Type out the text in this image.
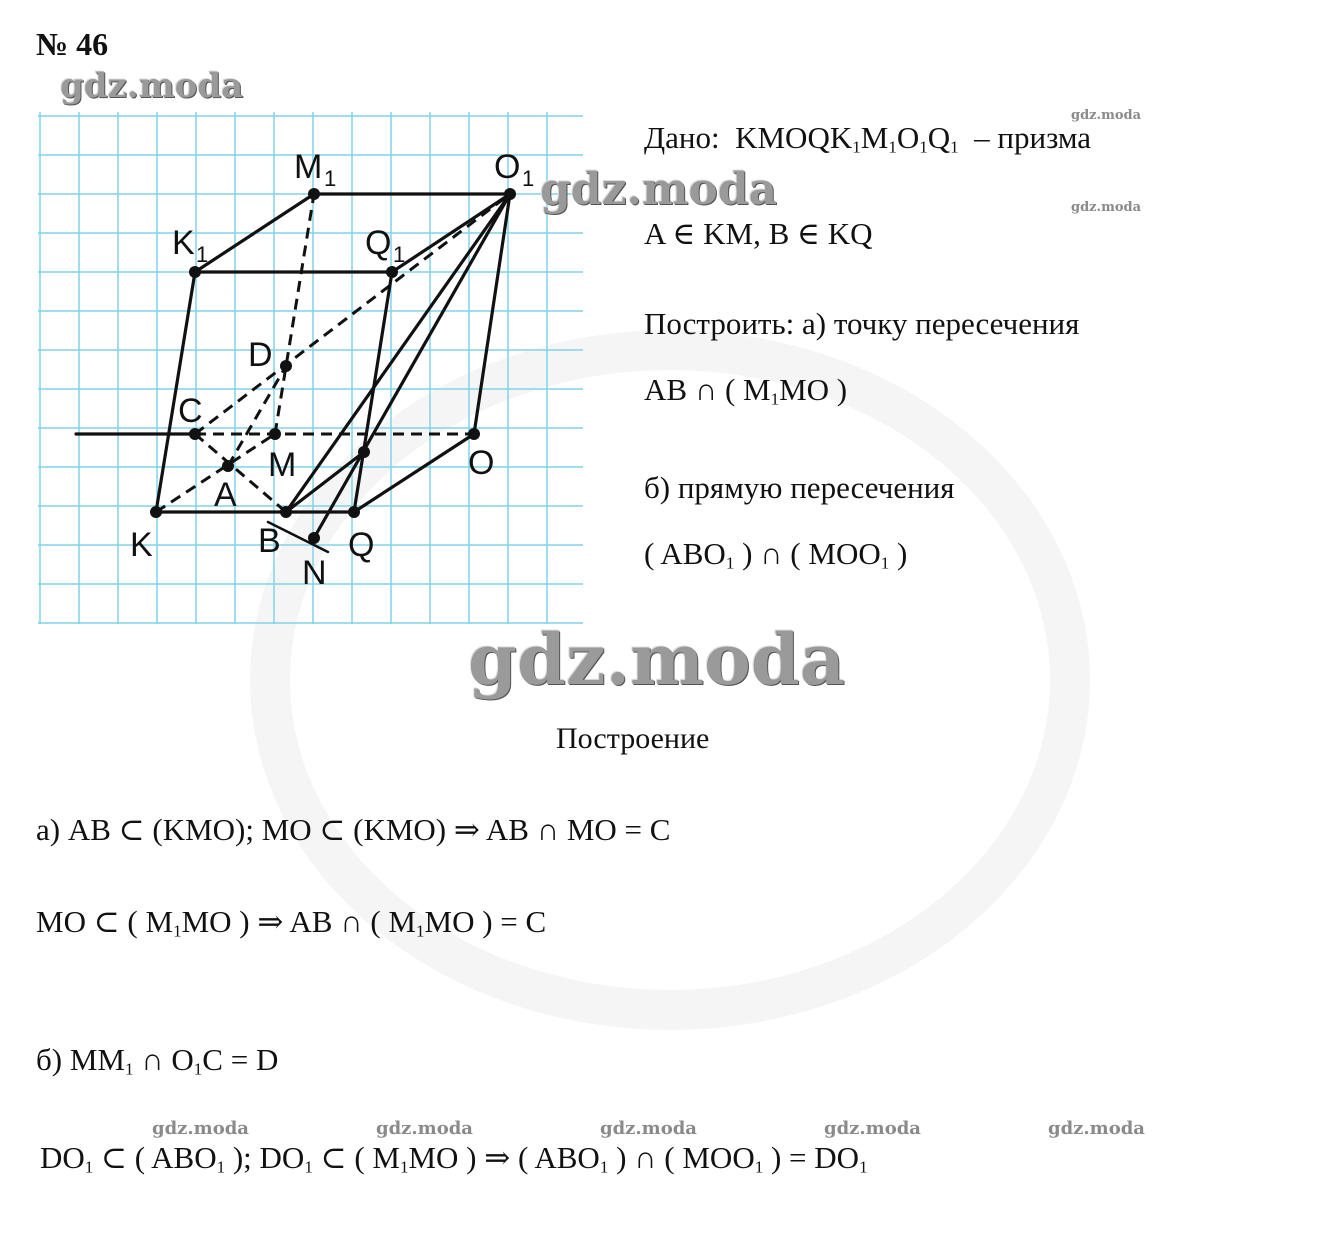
№ 46
gdz.moda
M 1	O 1
K 1	Q 1
D
C
M
A
O
K	B Q
N
gdz.moda
gdz.moda
gdz.moda
Дано: $KMOQK_1M_1O_1Q_1$ – призма
A ∈ KM, B ∈ KQ
Построить: а) точку пересечения
AB ∩ ( $M_1MO$ )
б) прямую пересечения
( $ABO_1$ ) ∩ ( $MOO_1$ )
gdz.moda
Построение
а) AB ⊂ (KMO); MO ⊂ (KMO) ⇒ AB ∩ MO = C
MO ⊂ ( $M_1MO$ ) ⇒ AB ∩ ( $M_1MO$ ) = C
б) $MM_1$ ∩ $O_1C = D$
gdz.moda	gdz.moda	gdz.moda	gdz.moda	gdz.moda
$DO_1$ ⊂ ( $ABO_1$ ); $DO_1$ ⊂ ( $M_1MO$ ) ⇒ ( $ABO_1$ ) ∩ ( $MOO_1$ ) = $DO_1$
